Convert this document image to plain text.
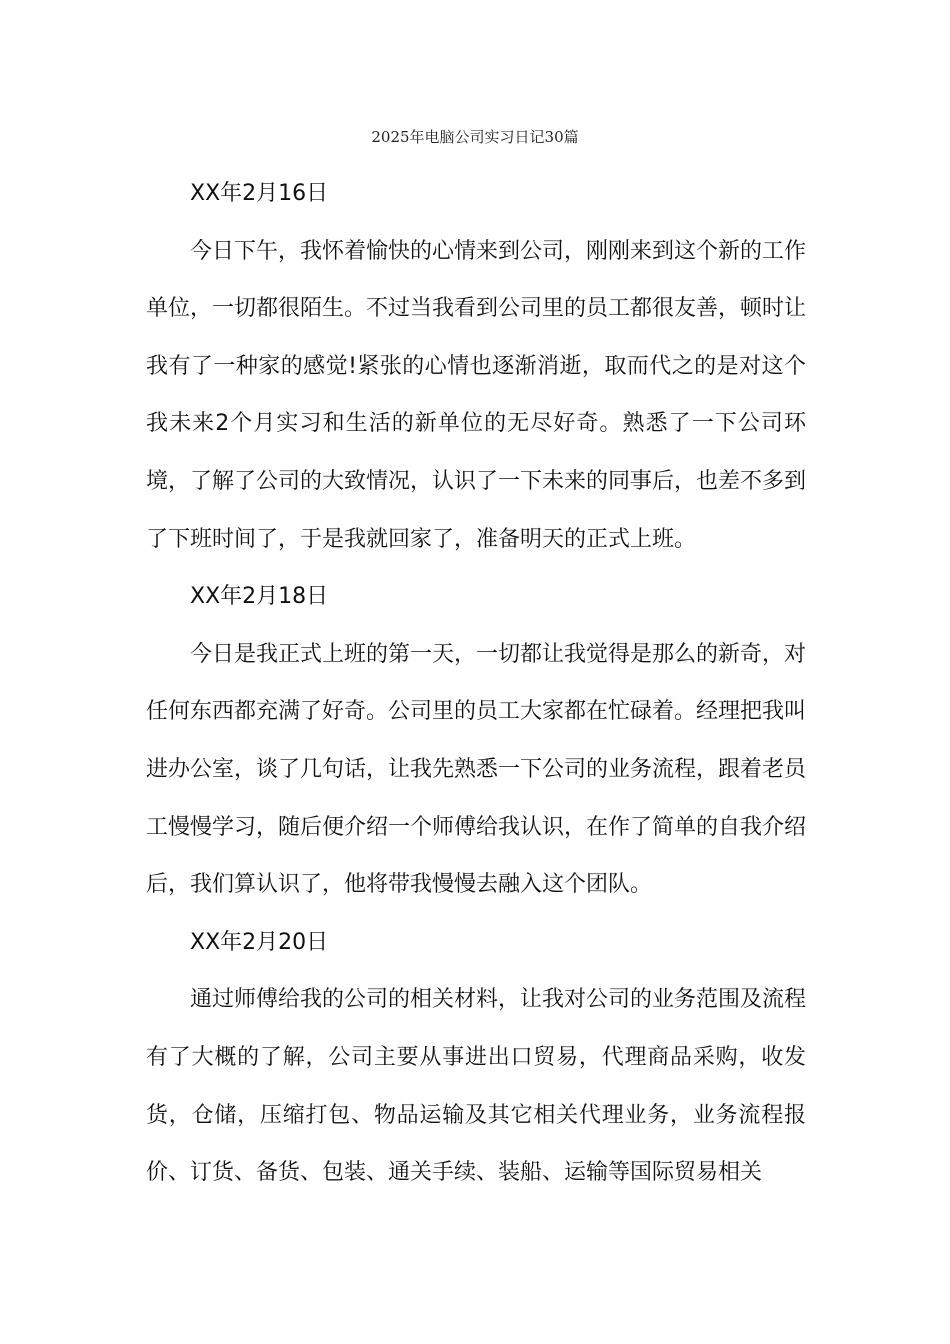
2025年电脑公司实习日记30篇

XX年2月16日

今日下午，我怀着愉快的心情来到公司，刚刚来到这个新的工作单位，一切都很陌生。不过当我看到公司里的员工都很友善，顿时让我有了一种家的感觉!紧张的心情也逐渐消逝，取而代之的是对这个我未来2个月实习和生活的新单位的无尽好奇。熟悉了一下公司环境，了解了公司的大致情况，认识了一下未来的同事后，也差不多到了下班时间了，于是我就回家了，准备明天的正式上班。

XX年2月18日

今日是我正式上班的第一天，一切都让我觉得是那么的新奇，对任何东西都充满了好奇。公司里的员工大家都在忙碌着。经理把我叫进办公室，谈了几句话，让我先熟悉一下公司的业务流程，跟着老员工慢慢学习，随后便介绍一个师傅给我认识，在作了简单的自我介绍后，我们算认识了，他将带我慢慢去融入这个团队。

XX年2月20日

通过师傅给我的公司的相关材料，让我对公司的业务范围及流程有了大概的了解，公司主要从事进出口贸易，代理商品采购，收发货，仓储，压缩打包、物品运输及其它相关代理业务，业务流程报价、订货、备货、包装、通关手续、装船、运输等国际贸易相关
